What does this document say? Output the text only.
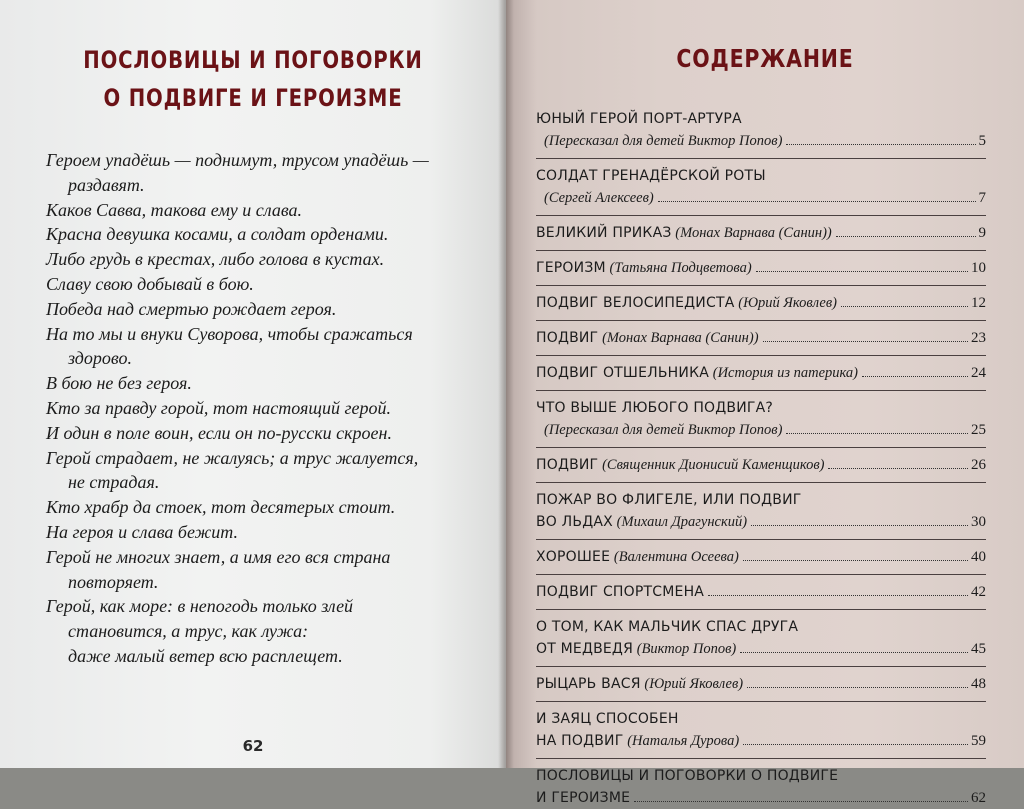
ПОСЛОВИЦЫ И ПОГОВОРКИ
О ПОДВИГЕ И ГЕРОИЗМЕ
Героем упадёшь — поднимут, трусом упадёшь —
раздавят.
Каков Савва, такова ему и слава.
Красна девушка косами, а солдат орденами.
Либо грудь в крестах, либо голова в кустах.
Славу свою добывай в бою.
Победа над смертью рождает героя.
На то мы и внуки Суворова, чтобы сражаться
здорово.
В бою не без героя.
Кто за правду горой, тот настоящий герой.
И один в поле воин, если он по-русски скроен.
Герой страдает, не жалуясь; а трус жалуется,
не страдая.
Кто храбр да стоек, тот десятерых стоит.
На героя и слава бежит.
Герой не многих знает, а имя его вся страна
повторяет.
Герой, как море: в непогодь только злей
становится, а трус, как лужа:
даже малый ветер всю расплещет.
62
СОДЕРЖАНИЕ
ЮНЫЙ ГЕРОЙ ПОРТ-АРТУРА
(Пересказал для детей Виктор Попов)	5
СОЛДАТ ГРЕНАДЁРСКОЙ РОТЫ
(Сергей Алексеев)	7
ВЕЛИКИЙ ПРИКАЗ
(Монах Варнава (Санин))	9
ГЕРОИЗМ
(Татьяна Подцветова)	10
ПОДВИГ ВЕЛОСИПЕДИСТА
(Юрий Яковлев)	12
ПОДВИГ
(Монах Варнава (Санин))	23
ПОДВИГ ОТШЕЛЬНИКА
(История из патерика)	24
ЧТО ВЫШЕ ЛЮБОГО ПОДВИГА?
(Пересказал для детей Виктор Попов)	25
ПОДВИГ
(Священник Дионисий Каменщиков)	26
ПОЖАР ВО ФЛИГЕЛЕ, ИЛИ ПОДВИГ
ВО ЛЬДАХ
(Михаил Драгунский)	30
ХОРОШЕЕ
(Валентина Осеева)	40
ПОДВИГ СПОРТСМЕНА	42
О ТОМ, КАК МАЛЬЧИК СПАС ДРУГА
ОТ МЕДВЕДЯ
(Виктор Попов)	45
РЫЦАРЬ ВАСЯ
(Юрий Яковлев)	48
И ЗАЯЦ СПОСОБЕН
НА ПОДВИГ
(Наталья Дурова)	59
ПОСЛОВИЦЫ И ПОГОВОРКИ О ПОДВИГЕ
И ГЕРОИЗМЕ	62
